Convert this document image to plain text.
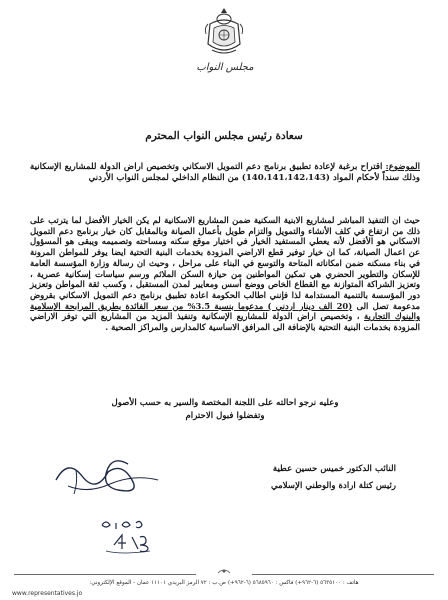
مجلس النواب
سعادة رئيس مجلس النواب المحترم
الموضوع: اقتراح برغبة لإعادة تطبيق برنامج دعم التمويل الاسكاني وتخصيص اراض الدولة للمشاريع الإسكانية وذلك سنداً لأحكام المواد (140،141،142،143) من النظام الداخلي لمجلس النواب الأردني
حيث ان التنفيذ المباشر لمشاريع الابنية السكنية ضمن المشاريع الاسكانية لم يكن الخيار الأفضل لما يترتب على ذلك من ارتفاع في كلف الأنشاء والتمويل والتزام طويل بأعمال الصيانة وبالمقابل كان خيار برنامج دعم التمويل الاسكاني هو الأفضل لأنه يعطي المستفيد الخيار في اختيار موقع سكنه ومساحته وتصميمه ويبقى هو المسؤول عن اعمال الصيانة، كما ان خيار توفير قطع الاراضي المزودة بخدمات البنية التحتية ايضا يوفر للمواطن المرونة في بناء مسكنه ضمن امكاناته المتاحة والتوسع في البناء على مراحل ، وحيث ان رسالة وزارة المؤسسة العامة للإسكان والتطوير الحضري هي تمكين المواطنين من حيازة السكن الملائم ورسم سياسات إسكانية عصرية ، وتعزيز الشراكة المتوازنة مع القطاع الخاص ووضع أسس ومعايير لمدن المستقبل ، وكسب ثقة المواطن وتعزيز دور المؤسسة بالتنمية المستدامة لذا فإنني اطالب الحكومة اعادة تطبيق برنامج دعم التمويل الاسكاني بقروض مدعومة تصل الى (20 الف دينار اردني ) مدعوما بنسبة 3.5% من سعر الفائدة بطريق المرابحة الإسلامية والبنوك التجارية ، وتخصيص اراض الدولة للمشاريع الإسكانية وتنفيذ المزيد من المشاريع التي توفر الاراضي المزودة بخدمات البنية التحتية بالإضافة الى المرافق الاساسية كالمدارس والمراكز الصحية .
وعليه نرجو احالته على اللجنة المختصة والسير به حسب الأصول
وتفضلوا فبول الاحترام
النائب الدكتور خميس حسين عطية
رئيس كتلة ارادة والوطني الإسلامي
هاتف : ٥٦٣٥١٠٠ (٦-٩٦٢+) فاكس : ٥٦٨٥٩٦٠ (٦-٩٦٢+) ص.ب : ٧٢ الرمز البريدي ١١١٠١ عمان - الموقع الإلكتروني:
www.representatives.jo
